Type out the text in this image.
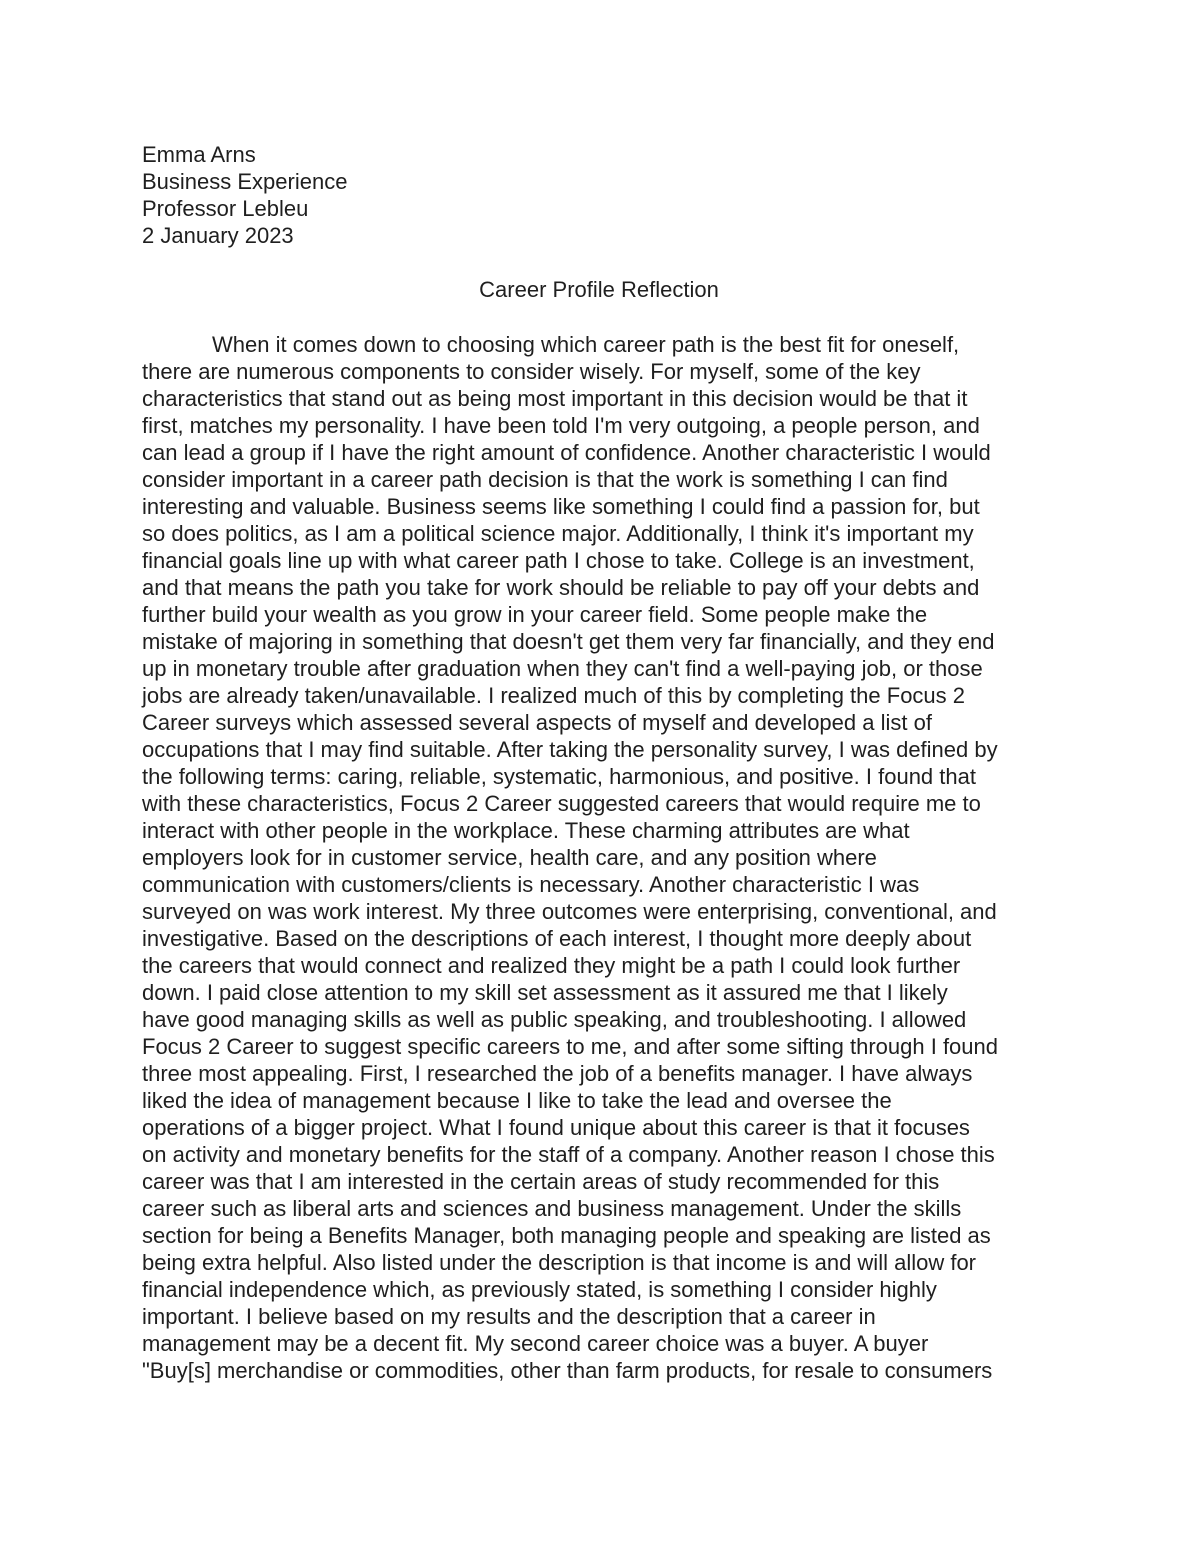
Emma Arns
Business Experience
Professor Lebleu
2 January 2023
Career Profile Reflection
When it comes down to choosing which career path is the best fit for oneself,
there are numerous components to consider wisely. For myself, some of the key
characteristics that stand out as being most important in this decision would be that it
first, matches my personality. I have been told I'm very outgoing, a people person, and
can lead a group if I have the right amount of confidence. Another characteristic I would
consider important in a career path decision is that the work is something I can find
interesting and valuable. Business seems like something I could find a passion for, but
so does politics, as I am a political science major. Additionally, I think it's important my
financial goals line up with what career path I chose to take. College is an investment,
and that means the path you take for work should be reliable to pay off your debts and
further build your wealth as you grow in your career field. Some people make the
mistake of majoring in something that doesn't get them very far financially, and they end
up in monetary trouble after graduation when they can't find a well-paying job, or those
jobs are already taken/unavailable. I realized much of this by completing the Focus 2
Career surveys which assessed several aspects of myself and developed a list of
occupations that I may find suitable. After taking the personality survey, I was defined by
the following terms: caring, reliable, systematic, harmonious, and positive. I found that
with these characteristics, Focus 2 Career suggested careers that would require me to
interact with other people in the workplace. These charming attributes are what
employers look for in customer service, health care, and any position where
communication with customers/clients is necessary. Another characteristic I was
surveyed on was work interest. My three outcomes were enterprising, conventional, and
investigative. Based on the descriptions of each interest, I thought more deeply about
the careers that would connect and realized they might be a path I could look further
down. I paid close attention to my skill set assessment as it assured me that I likely
have good managing skills as well as public speaking, and troubleshooting. I allowed
Focus 2 Career to suggest specific careers to me, and after some sifting through I found
three most appealing. First, I researched the job of a benefits manager. I have always
liked the idea of management because I like to take the lead and oversee the
operations of a bigger project. What I found unique about this career is that it focuses
on activity and monetary benefits for the staff of a company. Another reason I chose this
career was that I am interested in the certain areas of study recommended for this
career such as liberal arts and sciences and business management. Under the skills
section for being a Benefits Manager, both managing people and speaking are listed as
being extra helpful. Also listed under the description is that income is and will allow for
financial independence which, as previously stated, is something I consider highly
important. I believe based on my results and the description that a career in
management may be a decent fit. My second career choice was a buyer. A buyer
"Buy[s] merchandise or commodities, other than farm products, for resale to consumers
